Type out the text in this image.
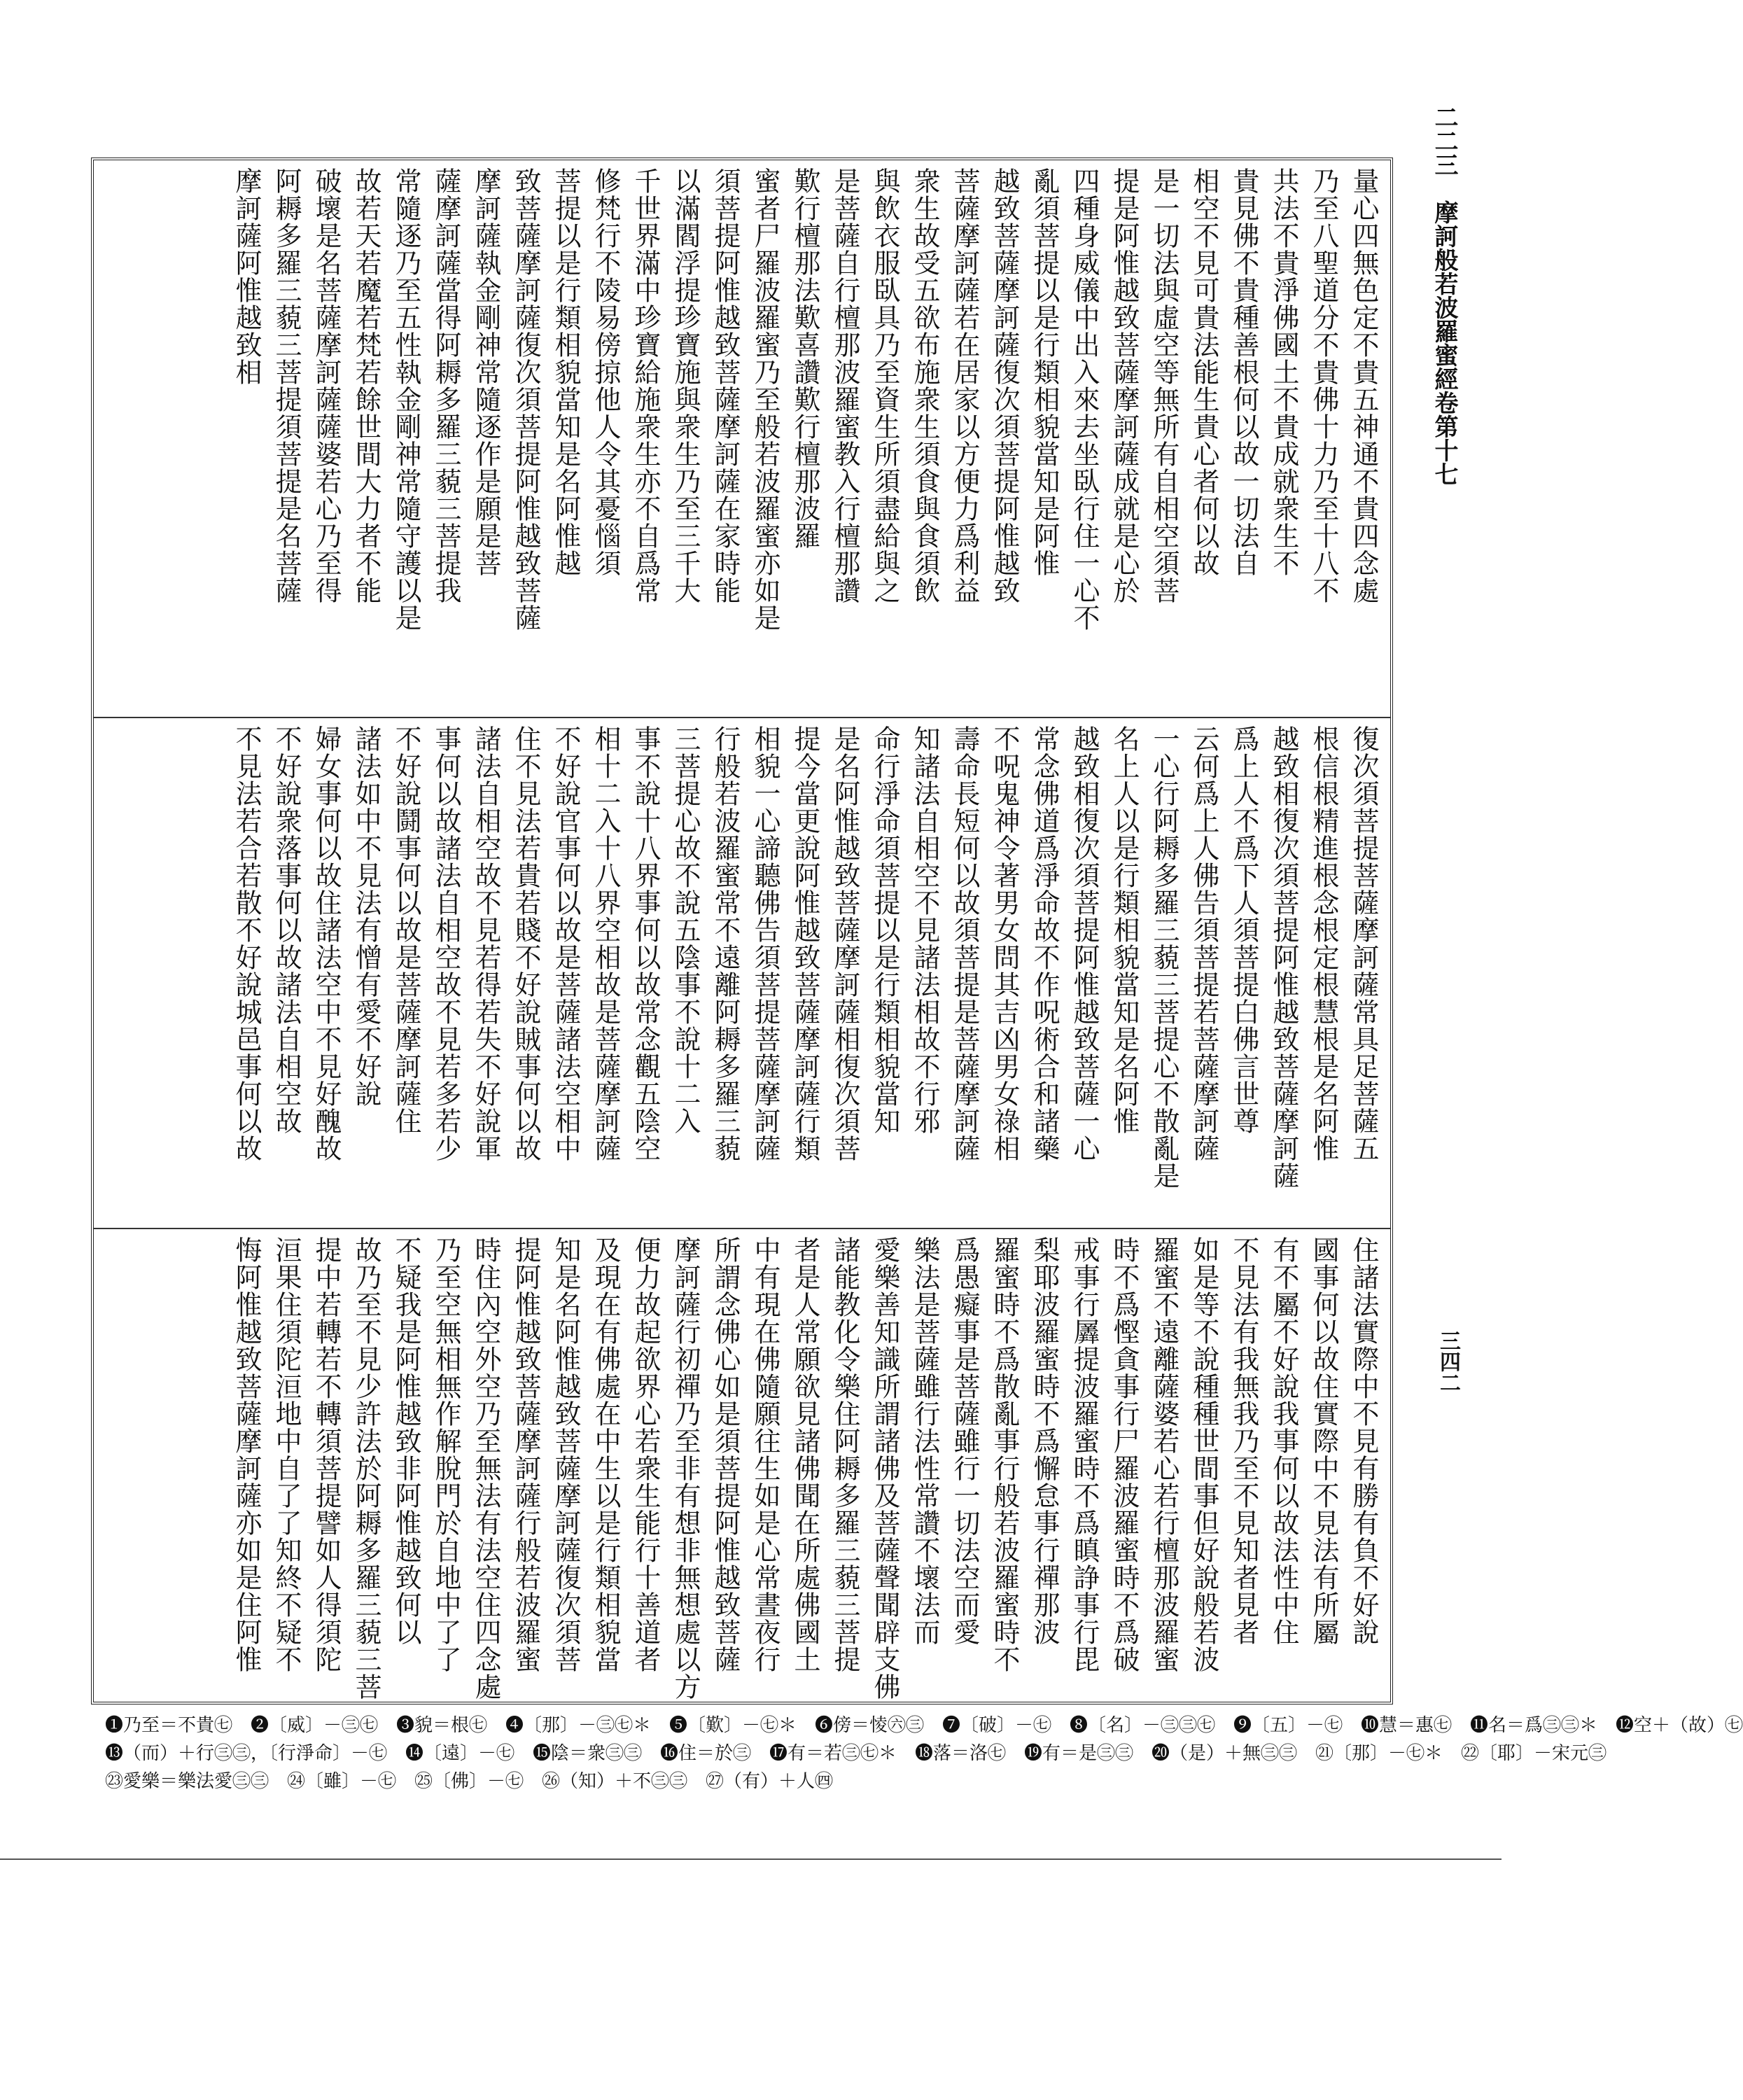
二二三　摩訶般若波羅蜜經卷第十七
三四二
量心四無色定不貴五神通不貴四念處
乃至八聖道分不貴佛十力乃至十八不
共法不貴淨佛國土不貴成就衆生不
貴見佛不貴種善根何以故一切法自
相空不見可貴法能生貴心者何以故
是一切法與虛空等無所有自相空須菩
提是阿惟越致菩薩摩訶薩成就是心於
四種身威儀中出入來去坐臥行住一心不
亂須菩提以是行類相貌當知是阿惟
越致菩薩摩訶薩復次須菩提阿惟越致
菩薩摩訶薩若在居家以方便力爲利益
衆生故受五欲布施衆生須食與食須飲
與飲衣服臥具乃至資生所須盡給與之
是菩薩自行檀那波羅蜜教入行檀那讚
歎行檀那法歎喜讚歎行檀那波羅
蜜者尸羅波羅蜜乃至般若波羅蜜亦如是
須菩提阿惟越致菩薩摩訶薩在家時能
以滿閻浮提珍寶施與衆生乃至三千大
千世界滿中珍寶給施衆生亦不自爲常
修梵行不陵易傍掠他人令其憂惱須
菩提以是行類相貌當知是名阿惟越
致菩薩摩訶薩復次須菩提阿惟越致菩薩
摩訶薩執金剛神常隨逐作是願是菩
薩摩訶薩當得阿耨多羅三藐三菩提我
常隨逐乃至五性執金剛神常隨守護以是
故若天若魔若梵若餘世間大力者不能
破壞是名菩薩摩訶薩薩婆若心乃至得
阿耨多羅三藐三菩提須菩提是名菩薩
摩訶薩阿惟越致相
復次須菩提菩薩摩訶薩常具足菩薩五
根信根精進根念根定根慧根是名阿惟
越致相復次須菩提阿惟越致菩薩摩訶薩
爲上人不爲下人須菩提白佛言世尊
云何爲上人佛告須菩提若菩薩摩訶薩
一心行阿耨多羅三藐三菩提心不散亂是
名上人以是行類相貌當知是名阿惟
越致相復次須菩提阿惟越致菩薩一心
常念佛道爲淨命故不作呪術合和諸藥
不呪鬼神令著男女問其吉凶男女祿相
壽命長短何以故須菩提是菩薩摩訶薩
知諸法自相空不見諸法相故不行邪
命行淨命須菩提以是行類相貌當知
是名阿惟越致菩薩摩訶薩相復次須菩
提今當更說阿惟越致菩薩摩訶薩行類
相貌一心諦聽佛告須菩提菩薩摩訶薩
行般若波羅蜜常不遠離阿耨多羅三藐
三菩提心故不說五陰事不說十二入
事不說十八界事何以故常念觀五陰空
相十二入十八界空相故是菩薩摩訶薩
不好說官事何以故是菩薩諸法空相中
住不見法若貴若賤不好說賊事何以故
諸法自相空故不見若得若失不好說軍
事何以故諸法自相空故不見若多若少
不好說鬪事何以故是菩薩摩訶薩住
諸法如中不見法有憎有愛不好說
婦女事何以故住諸法空中不見好醜故
不好說衆落事何以故諸法自相空故
不見法若合若散不好說城邑事何以故
住諸法實際中不見有勝有負不好說
國事何以故住實際中不見法有所屬
有不屬不好說我事何以故法性中住
不見法有我無我乃至不見知者見者
如是等不說種種世間事但好說般若波
羅蜜不遠離薩婆若心若行檀那波羅蜜
時不爲慳貪事行尸羅波羅蜜時不爲破
戒事行羼提波羅蜜時不爲瞋諍事行毘
梨耶波羅蜜時不爲懈怠事行禪那波
羅蜜時不爲散亂事行般若波羅蜜時不
爲愚癡事是菩薩雖行一切法空而愛
樂法是菩薩雖行法性常讚不壞法而
愛樂善知識所謂諸佛及菩薩聲聞辟支佛
諸能教化令樂住阿耨多羅三藐三菩提
者是人常願欲見諸佛聞在所處佛國土
中有現在佛隨願往生如是心常晝夜行
所謂念佛心如是須菩提阿惟越致菩薩
摩訶薩行初禪乃至非有想非無想處以方
便力故起欲界心若衆生能行十善道者
及現在有佛處在中生以是行類相貌當
知是名阿惟越致菩薩摩訶薩復次須菩
提阿惟越致菩薩摩訶薩行般若波羅蜜
時住內空外空乃至無法有法空住四念處
乃至空無相無作解脫門於自地中了了
不疑我是阿惟越致非阿惟越致何以
故乃至不見少許法於阿耨多羅三藐三菩
提中若轉若不轉須菩提譬如人得須陀
洹果住須陀洹地中自了了知終不疑不
悔阿惟越致菩薩摩訶薩亦如是住阿惟
❶乃至＝不貴㊆　❷〔威〕－㊂㊆　❸貌＝根㊆　❹〔那〕－㊂㊆＊　❺〔歎〕－㊆＊　❻傍＝㥄㊅㊂　❼〔破〕－㊆　❽〔名〕－㊂㊂㊆　❾〔五〕－㊆　❿慧＝惠㊆　⓫名＝爲㊂㊂＊　⓬空＋（故）㊆
⓭（而）＋行㊂㊂，〔行淨命〕－㊆　⓮〔遠〕－㊆　⓯陰＝衆㊂㊂　⓰住＝於㊂　⓱有＝若㊂㊆＊　⓲落＝洛㊆　⓳有＝是㊂㊂　⓴（是）＋無㊂㊂　㉑〔那〕－㊆＊　㉒〔耶〕－宋元㊂
㉓愛樂＝樂法愛㊂㊂　㉔〔雖〕－㊆　㉕〔佛〕－㊆　㉖（知）＋不㊂㊂　㉗（有）＋人㊃
